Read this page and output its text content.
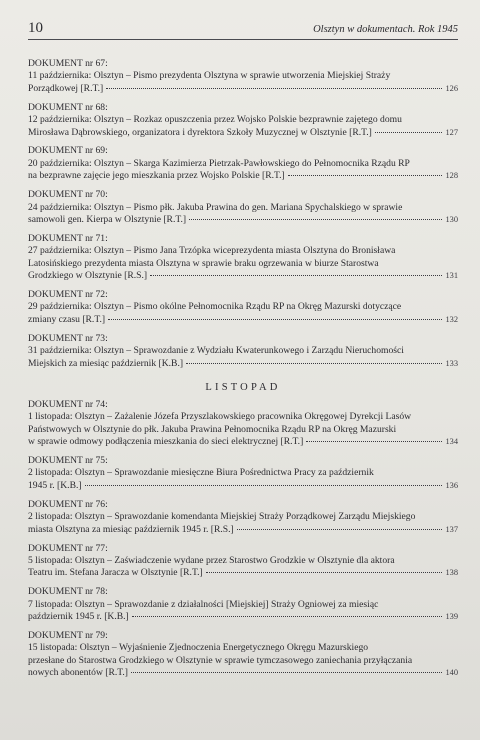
10	Olsztyn w dokumentach. Rok 1945
DOKUMENT nr 67:
11 października: Olsztyn – Pismo prezydenta Olsztyna w sprawie utworzenia Miejskiej Straży
Porządkowej [R.T.]	126
DOKUMENT nr 68:
12 października: Olsztyn – Rozkaz opuszczenia przez Wojsko Polskie bezprawnie zajętego domu
Mirosława Dąbrowskiego, organizatora i dyrektora Szkoły Muzycznej w Olsztynie [R.T.]	127
DOKUMENT nr 69:
20 października: Olsztyn – Skarga Kazimierza Pietrzak-Pawłowskiego do Pełnomocnika Rządu RP
na bezprawne zajęcie jego mieszkania przez Wojsko Polskie [R.T.]	128
DOKUMENT nr 70:
24 października: Olsztyn – Pismo płk. Jakuba Prawina do gen. Mariana Spychalskiego w sprawie
samowoli gen. Kierpa w Olsztynie [R.T.]	130
DOKUMENT nr 71:
27 października: Olsztyn – Pismo Jana Trzópka wiceprezydenta miasta Olsztyna do Bronisława
Latosińskiego prezydenta miasta Olsztyna w sprawie braku ogrzewania w biurze Starostwa
Grodzkiego w Olsztynie [R.S.]	131
DOKUMENT nr 72:
29 października: Olsztyn – Pismo okólne Pełnomocnika Rządu RP na Okręg Mazurski dotyczące
zmiany czasu [R.T.]	132
DOKUMENT nr 73:
31 października: Olsztyn – Sprawozdanie z Wydziału Kwaterunkowego i Zarządu Nieruchomości
Miejskich za miesiąc październik [K.B.]	133
LISTOPAD
DOKUMENT nr 74:
1 listopada: Olsztyn – Zażalenie Józefa Przyszlakowskiego pracownika Okręgowej Dyrekcji Lasów
Państwowych w Olsztynie do płk. Jakuba Prawina Pełnomocnika Rządu RP na Okręg Mazurski
w sprawie odmowy podłączenia mieszkania do sieci elektrycznej [R.T.]	134
DOKUMENT nr 75:
2 listopada: Olsztyn – Sprawozdanie miesięczne Biura Pośrednictwa Pracy za październik
1945 r. [K.B.]	136
DOKUMENT nr 76:
2 listopada: Olsztyn – Sprawozdanie komendanta Miejskiej Straży Porządkowej Zarządu Miejskiego
miasta Olsztyna za miesiąc październik 1945 r. [R.S.]	137
DOKUMENT nr 77:
5 listopada: Olsztyn – Zaświadczenie wydane przez Starostwo Grodzkie w Olsztynie dla aktora
Teatru im. Stefana Jaracza w Olsztynie [R.T.]	138
DOKUMENT nr 78:
7 listopada: Olsztyn – Sprawozdanie z działalności [Miejskiej] Straży Ogniowej za miesiąc
październik 1945 r. [K.B.]	139
DOKUMENT nr 79:
15 listopada: Olsztyn – Wyjaśnienie Zjednoczenia Energetycznego Okręgu Mazurskiego
przesłane do Starostwa Grodzkiego w Olsztynie w sprawie tymczasowego zaniechania przyłączania
nowych abonentów [R.T.]	140
